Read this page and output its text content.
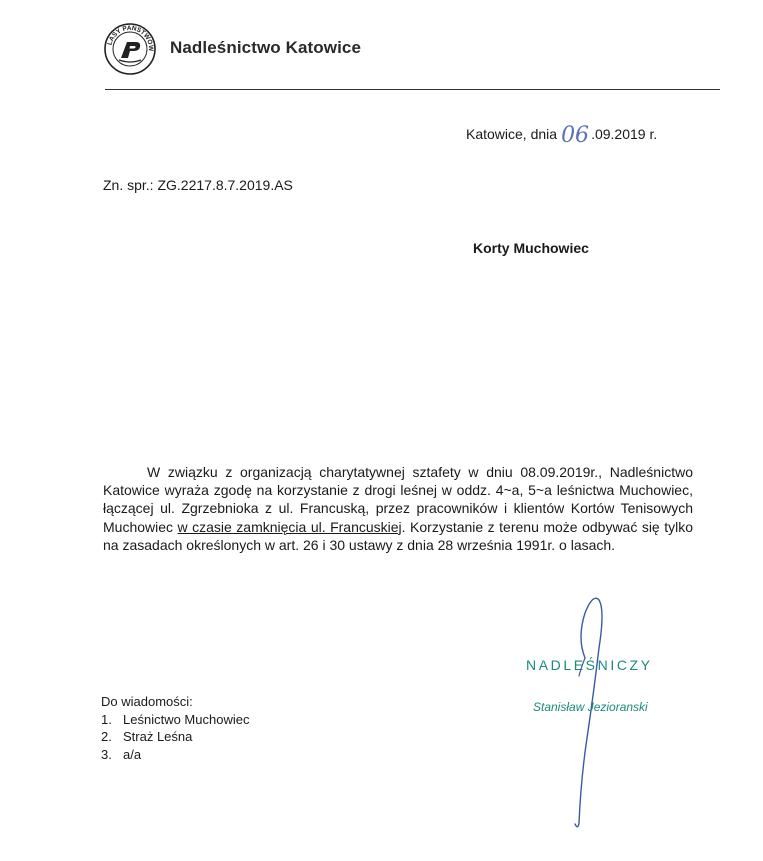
LASY PAŃSTWOW Nadleśnictwo Katowice
Katowice, dnia 06 .09.2019 r.
Zn. spr.: ZG.2217.8.7.2019.AS
Korty Muchowiec
W związku z organizacją charytatywnej sztafety w dniu 08.09.2019r., Nadleśnictwo Katowice wyraża zgodę na korzystanie z drogi leśnej w oddz. 4~a, 5~a leśnictwa Muchowiec, łączącej ul. Zgrzebnioka z ul. Francuską, przez pracowników i klientów Kortów Tenisowych Muchowiec w czasie zamknięcia ul. Francuskiej. Korzystanie z terenu może odbywać się tylko na zasadach określonych w art. 26 i 30 ustawy z dnia 28 września 1991r. o lasach.
NADLEŚNICZY
Stanisław Jezioranski
Do wiadomości:
1. Leśnictwo Muchowiec
2. Straż Leśna
3. a/a
